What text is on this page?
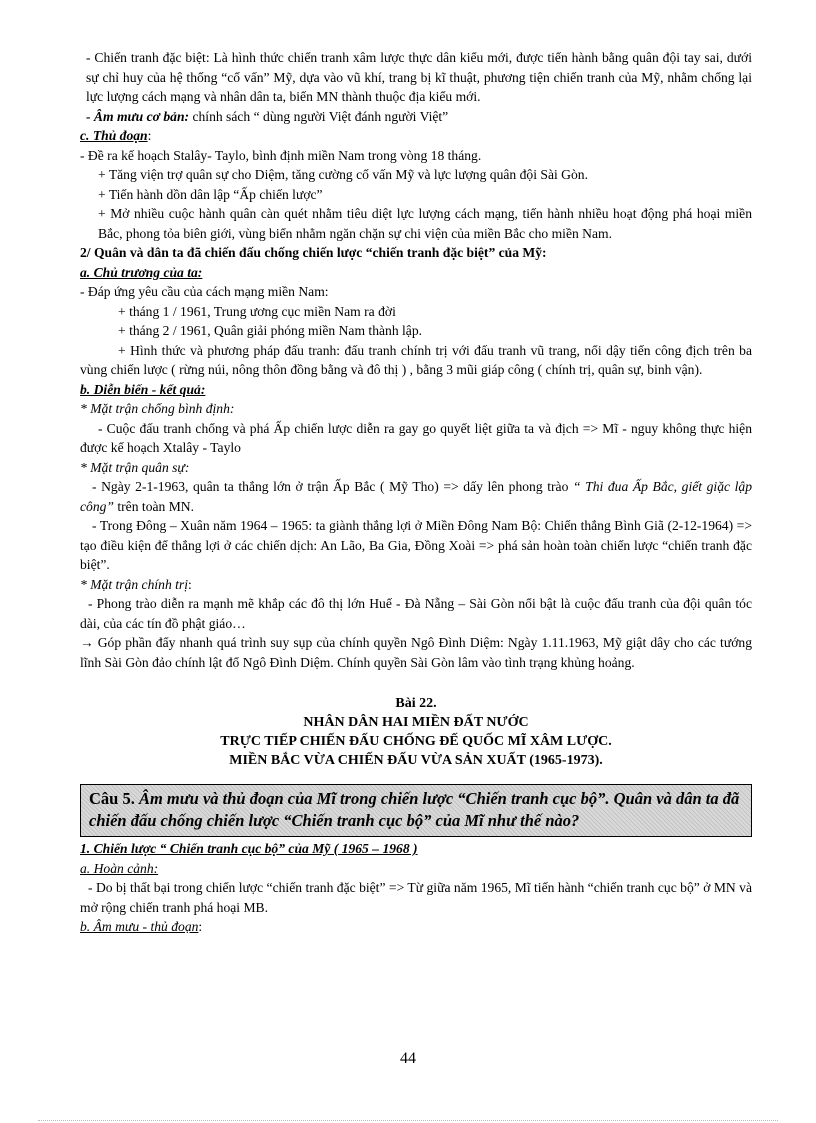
- Chiến tranh đặc biệt: Là hình thức chiến tranh xâm lược thực dân kiểu mới, được tiến hành bằng quân đội tay sai, dưới sự chỉ huy của hệ thống “cố vấn” Mỹ, dựa vào vũ khí, trang bị kĩ thuật, phương tiện chiến tranh của Mỹ, nhằm chống lại lực lượng cách mạng và nhân dân ta, biến MN thành thuộc địa kiểu mới.

- Âm mưu cơ bản: chính sách “ dùng người Việt đánh người Việt”

c. Thủ đoạn:

- Đề ra kế hoạch Stalây- Taylo, bình định miền Nam trong vòng 18 tháng.

+ Tăng viện trợ quân sự cho Diệm, tăng cường cố vấn Mỹ và lực lượng quân đội Sài Gòn.

+ Tiến hành dồn dân lập “Ấp chiến lược”

+ Mở nhiều cuộc hành quân càn quét nhằm tiêu diệt lực lượng cách mạng, tiến hành nhiều hoạt động phá hoại miền Bắc, phong tỏa biên giới, vùng biển nhằm ngăn chặn sự chi viện của miền Bắc cho miền Nam.

2/ Quân và dân ta đã chiến đấu chống chiến lược “chiến tranh đặc biệt” của Mỹ:

a. Chủ trương của ta:

- Đáp ứng yêu cầu của cách mạng miền Nam:

+ tháng 1 / 1961, Trung ương cục miền Nam ra đời

+ tháng 2 / 1961, Quân giải phóng miền Nam thành lập.

+ Hình thức và phương pháp đấu tranh: đấu tranh chính trị với đấu tranh vũ trang, nổi dậy tiến công địch trên ba vùng chiến lược ( rừng núi, nông thôn đồng bằng và đô thị ) , bằng 3 mũi giáp công ( chính trị, quân sự, binh vận).

b. Diễn biến - kết quả:

* Mặt trận chống bình định:

- Cuộc đấu tranh chống và phá Ấp chiến lược diễn ra gay go quyết liệt giữa ta và địch => Mĩ - nguy không thực hiện được kế hoạch Xtalây - Taylo

* Mặt trận quân sự:

- Ngày 2-1-1963, quân ta thắng lớn ở trận Ấp Bắc ( Mỹ Tho) => dấy lên phong trào “ Thi đua Ấp Bắc, giết giặc lập công” trên toàn MN.

- Trong Đông – Xuân năm 1964 – 1965: ta giành thắng lợi ở Miền Đông Nam Bộ: Chiến thắng Bình Giã (2-12-1964) => tạo điều kiện để thắng lợi ở các chiến dịch: An Lão, Ba Gia, Đồng Xoài => phá sản hoàn toàn chiến lược “chiến tranh đặc biệt”.

* Mặt trận chính trị:

- Phong trào diễn ra mạnh mẽ khắp các đô thị lớn Huế - Đà Nẵng – Sài Gòn nổi bật là cuộc đấu tranh của đội quân tóc dài, của các tín đồ phật giáo…

→ Góp phần đẩy nhanh quá trình suy sụp của chính quyền Ngô Đình Diệm: Ngày 1.11.1963, Mỹ giật dây cho các tướng lĩnh Sài Gòn đảo chính lật đổ Ngô Đình Diệm. Chính quyền Sài Gòn lâm vào tình trạng khủng hoảng.

Bài 22.
NHÂN DÂN HAI MIỀN ĐẤT NƯỚC
TRỰC TIẾP CHIẾN ĐẤU CHỐNG ĐẾ QUỐC MĨ XÂM LƯỢC.
MIỀN BẮC VỪA CHIẾN ĐẤU VỪA SẢN XUẤT (1965-1973).
Câu 5. Âm mưu và thủ đoạn của Mĩ trong chiến lược “Chiến tranh cục bộ”. Quân và dân ta đã chiến đấu chống chiến lược “Chiến tranh cục bộ” của Mĩ như thế nào?

1. Chiến lược “ Chiến tranh cục bộ” của Mỹ ( 1965 – 1968 )

a. Hoàn cảnh:

- Do bị thất bại trong chiến lược “chiến tranh đặc biệt” => Từ giữa năm 1965, Mĩ tiến hành “chiến tranh cục bộ” ở MN và mở rộng chiến tranh phá hoại MB.

b. Âm mưu - thủ đoạn:

44
